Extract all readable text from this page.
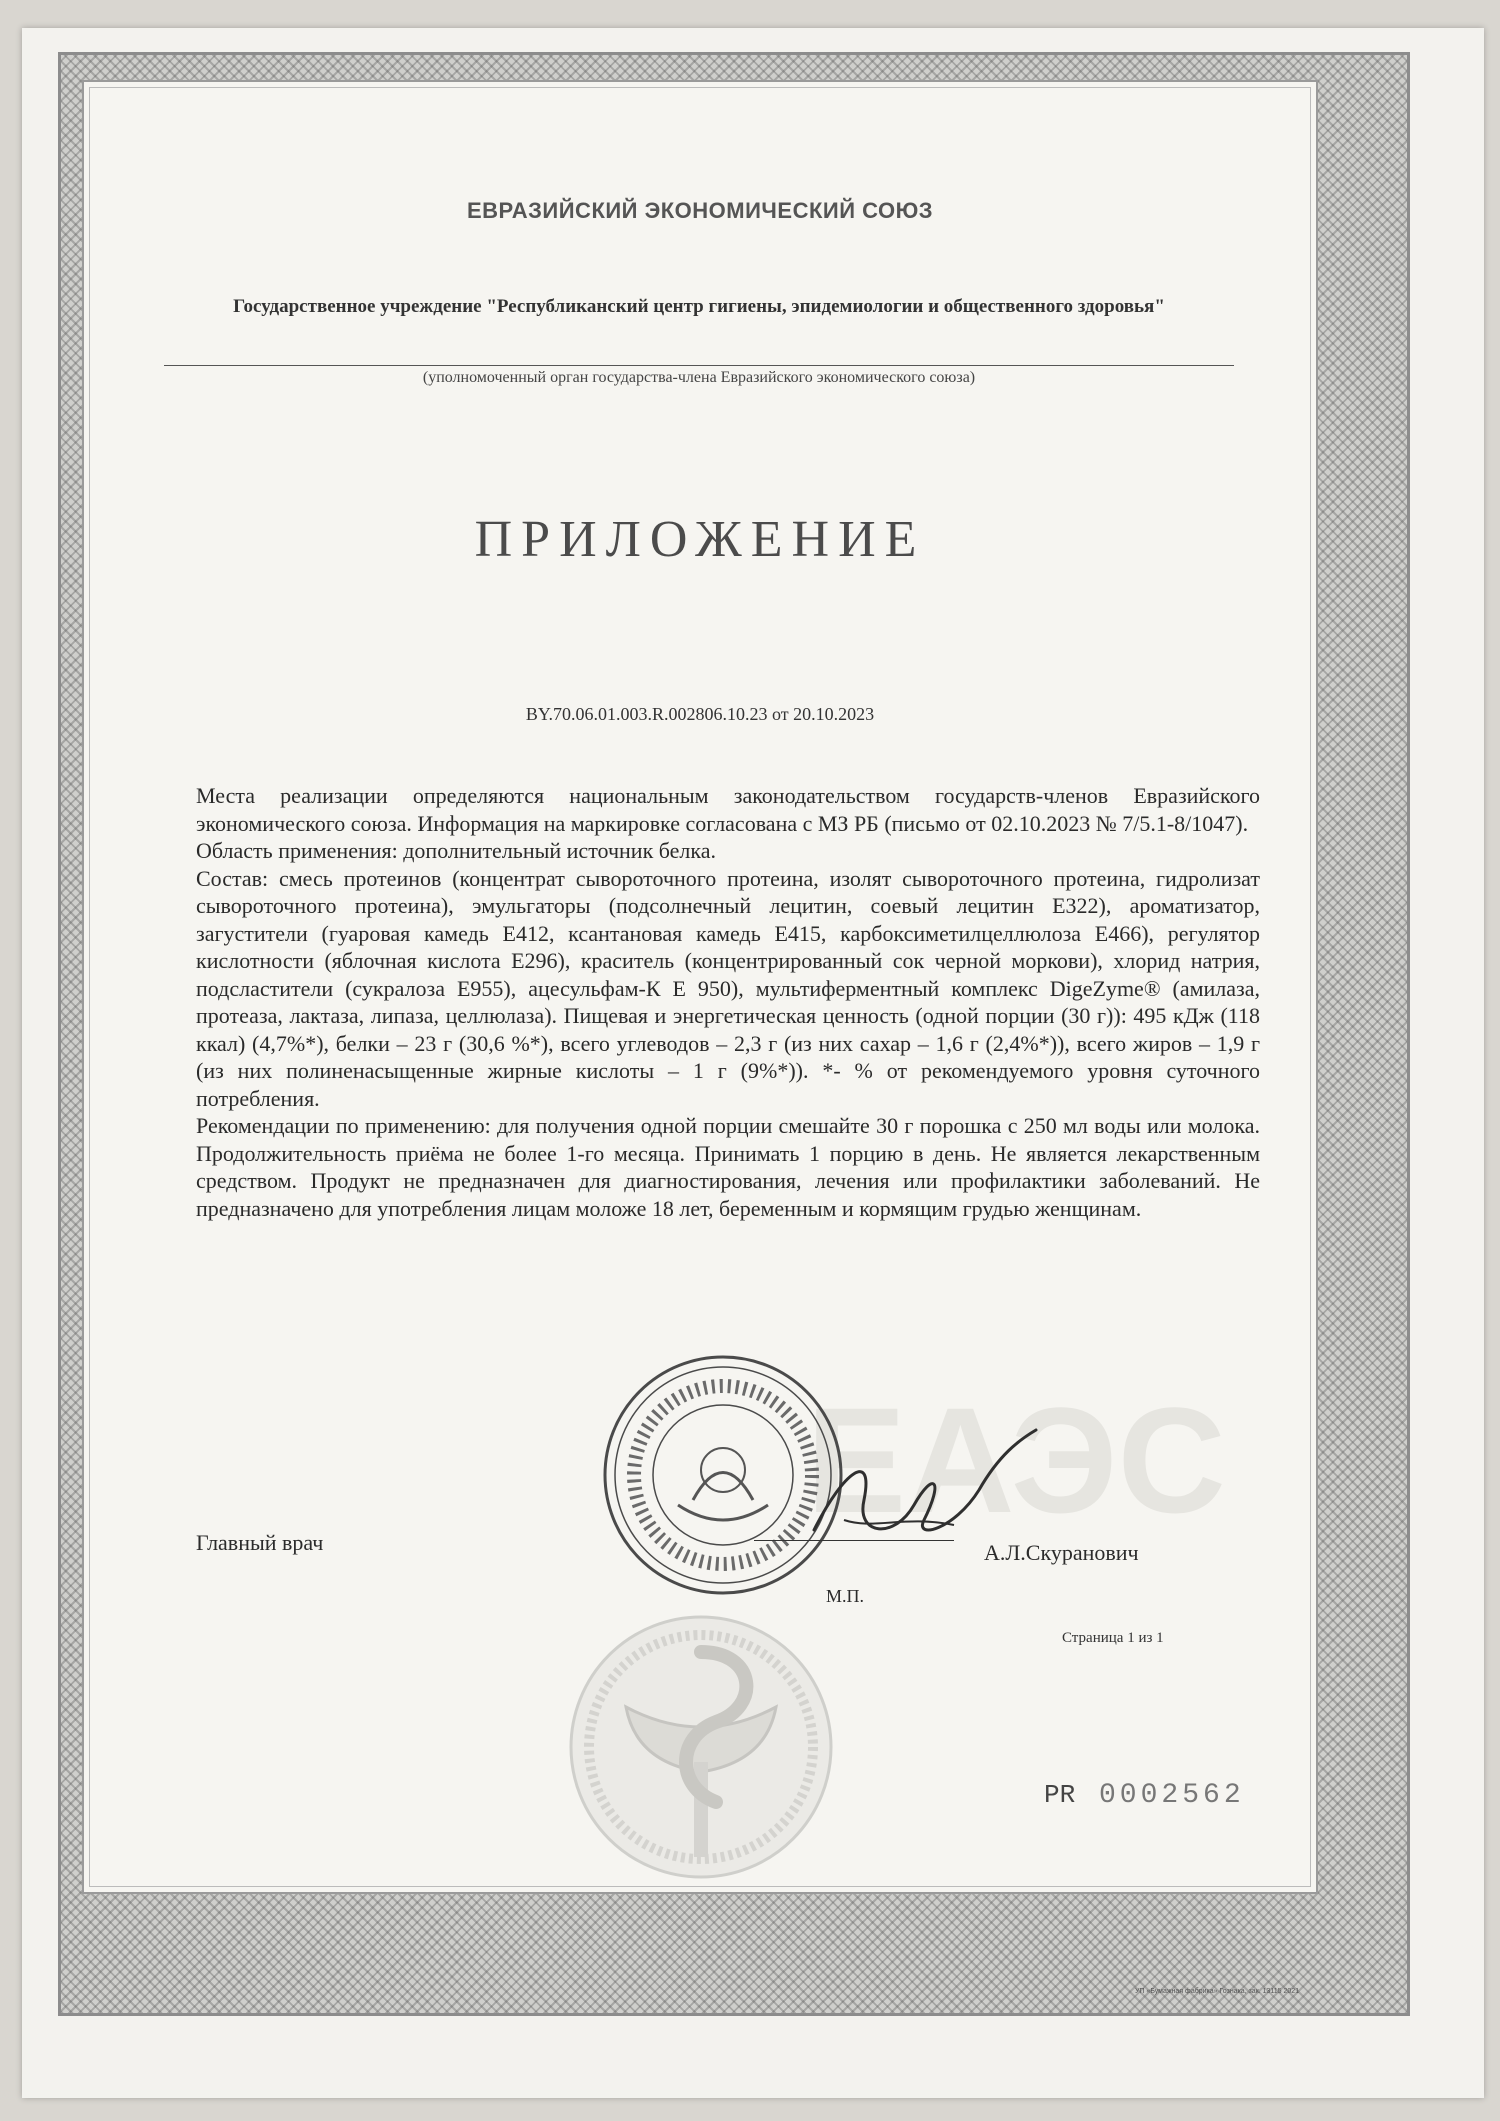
ЕВРАЗИЙСКИЙ ЭКОНОМИЧЕСКИЙ СОЮЗ
Государственное учреждение "Республиканский центр гигиены, эпидемиологии и общественного здоровья"
(уполномоченный орган государства-члена Евразийского экономического союза)
ПРИЛОЖЕНИЕ
BY.70.06.01.003.R.002806.10.23 от 20.10.2023

Места реализации определяются национальным законодательством государств-членов Евразийского экономического союза. Информация на маркировке согласована с МЗ РБ (письмо от 02.10.2023 № 7/5.1-8/1047).

Область применения: дополнительный источник белка.

Состав: смесь протеинов (концентрат сывороточного протеина, изолят сывороточного протеина, гидролизат сывороточного протеина), эмульгаторы (подсолнечный лецитин, соевый лецитин Е322), ароматизатор, загустители (гуаровая камедь Е412, ксантановая камедь Е415, карбоксиметилцеллюлоза Е466), регулятор кислотности (яблочная кислота Е296), краситель (концентрированный сок черной моркови), хлорид натрия, подсластители (сукралоза Е955), ацесульфам-К Е 950), мультиферментный комплекс DigeZyme® (амилаза, протеаза, лактаза, липаза, целлюлаза). Пищевая и энергетическая ценность (одной порции (30 г)): 495 кДж (118 ккал) (4,7%*), белки – 23 г (30,6 %*), всего углеводов – 2,3 г (из них сахар – 1,6 г (2,4%*)), всего жиров – 1,9 г (из них полиненасыщенные жирные кислоты – 1 г (9%*)). *- % от рекомендуемого уровня суточного потребления.

Рекомендации по применению: для получения одной порции смешайте 30 г порошка с 250 мл воды или молока. Продолжительность приёма не более 1-го месяца. Принимать 1 порцию в день. Не является лекарственным средством. Продукт не предназначен для диагностирования, лечения или профилактики заболеваний. Не предназначено для употребления лицам моложе 18 лет, беременным и кормящим грудью женщинам.

ЕАЭС
Главный врач	А.Л.Скуранович
М.П.
Страница 1 из 1
PR 0002562
УП «Бумажная фабрика» Гознака, зак. 13115 2021
